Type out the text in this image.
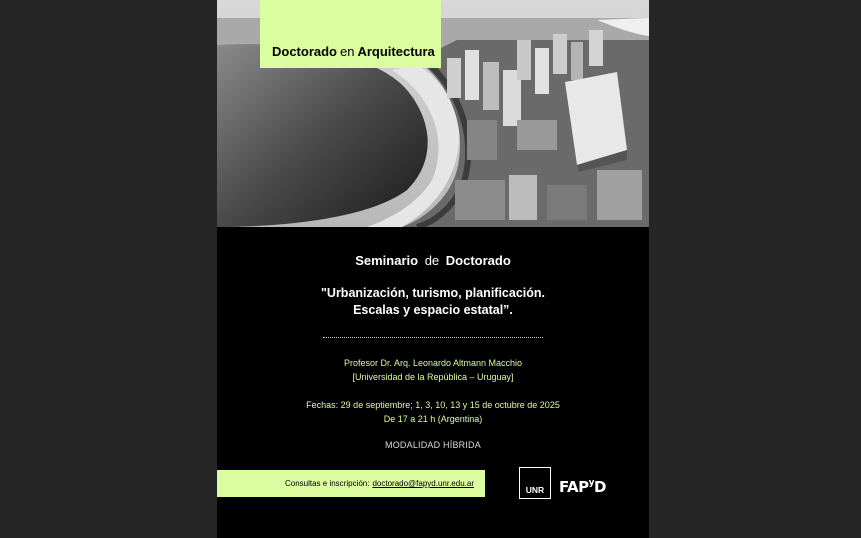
Doctorado en Arquitectura
Seminario de Doctorado
"Urbanización, turismo, planificación.
Escalas y espacio estatal”.
Profesor Dr. Arq. Leonardo Altmann Macchio
[Universidad de la República – Uruguay]
Fechas: 29 de septiembre; 1, 3, 10, 13 y 15 de octubre de 2025
De 17 a 21 h (Argentina)
MODALIDAD HÍBRIDA
Consultas e inscripción: doctorado@fapyd.unr.edu.ar
UNR FAP$^y$D
